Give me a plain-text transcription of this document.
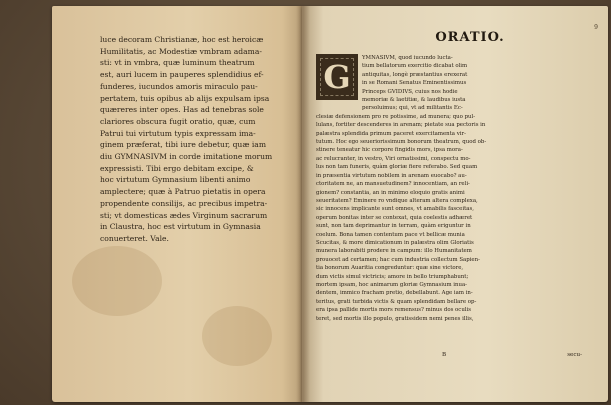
luce decoram Christianæ, hoc est heroicæ
Humilitatis, ac Modestiæ vmbram adama-
sti: vt in vmbra, quæ luminum theatrum
est, auri lucem in pauperes splendidius ef-
funderes, iucundos amoris miraculo pau-
pertatem, tuis opibus ab alijs expulsam ipsa
quæreres inter opes. Has ad tenebras sole
clariores obscura fugit oratio, quæ, cum
Patrui tui virtutum typis expressam ima-
ginem præferat, tibi iure debetur, quæ iam
diu GYMNASIVM in corde imitatione morum
expressisti. Tibi ergo debitam excipe, &
hoc virtutum Gymnasium libenti animo
amplectere; quæ à Patruo pietatis in opera
propendente consilijs, ac precibus impetra-
sti; vt domesticas ædes Virginum sacrarum
in Claustra, hoc est virtutum in Gymnasia
conuerteret. Vale.
9
ORATIO.
G	YMNASIVM, quod iucundo lucta-
tium bellatorum exercitio dicabat olim
antiquitas, longè præstantius erexerat
in se Romani Senatus Eminentissimus
Princeps GVIDIVS, cuius nos hodie
memoriæ & laetitiæ, & laudibus iusta
persoluimus; qui, vt ad militantis Ec-
clesiæ defensionem pro re potissime, ad munera; quo pul-
lulans, fortiter descenderes in arenam; pietate sua pectoris in
palæstra splendida primum paceret exercitamenta vir-
tutum. Hoc ego seueriorissimum bonorum theatrum, quod ob-
stinere teneatur hic corpore fingidis mors, ipsa mora-
ac relucranter, in vestro, Viri ornatissimi, conspectu mo-
lus non tam funeris, quàm gloriæ fiere referabo. Sed quam
in præsentia virtutum nobilem in arenam euocabo? au-
ctoritatem ne, an mansuetudinem? innocentiam, an reli-
gionem? constantia, an in minimo eloquio gratis animi
seueritatem? Eminere ro vndique alteram altera complexa,
sic innocens implicante sunt omnes, vt amabilis fasceitas,
operum bonitas inter se contexat, quia coelestis adhæret
sunt, non tam deprimantur in terram, quàm eriguntur in
coelum. Bona tamen contentum pace vt bellicæ munia
Scucitas, & more dimicationum in palæstra olim Gloriatis
munera laborabiti prodere in campum: illo Humanitatem
prouocet ad certamen; hac cum industria collectum Sapien-
tia bonorum Auaritia congreduntur: quæ sine victore,
dum victis simul victricis; amore in bello triumphabunt;
mortem ipsam, hoc animarum gloriæ Gymnasium inua-
dentem, immico fracham pretio, debellabunt. Age iam in-
teritus, grati turbida victis & quam splendidam bellare op-
era ipsa pallide mortis mors remensus? minus dos oculis
teret, sed mortis illo populo, gratissidem nemi penes illis,
B	secu-
